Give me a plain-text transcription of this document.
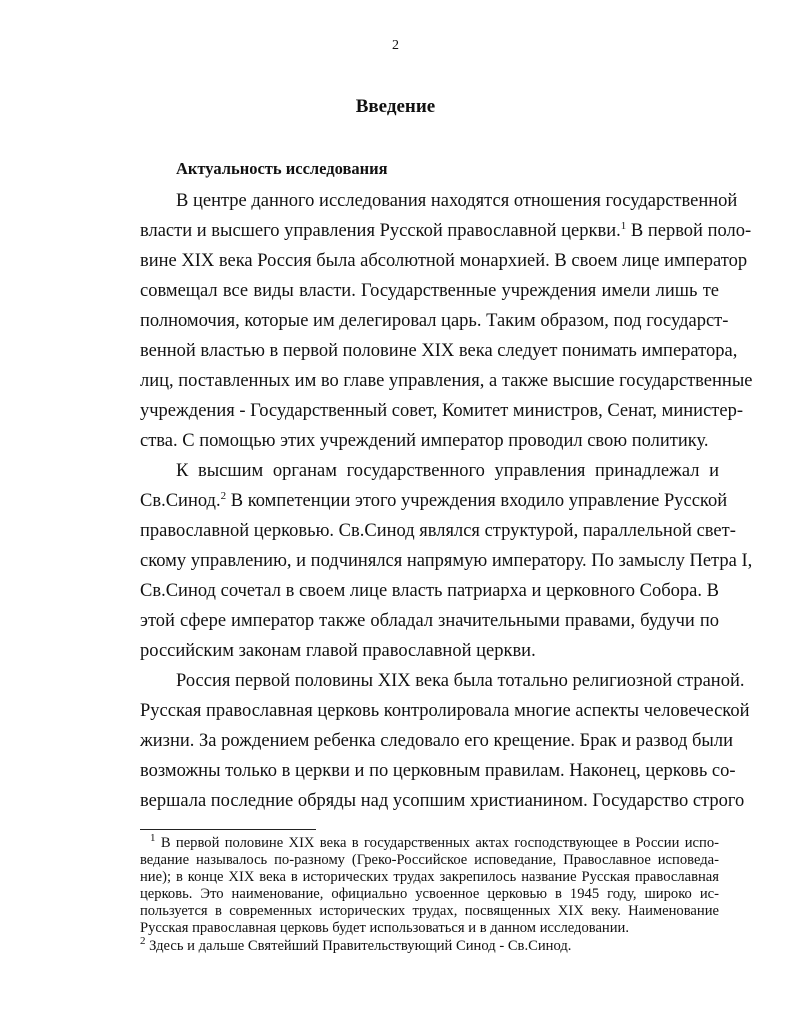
2
Введение
Актуальность исследования
В центре данного исследования находятся отношения государственной
власти и высшего управления Русской православной церкви.$^1$ В первой поло-
вине XIX века Россия была абсолютной монархией. В своем лице император
совмещал все виды власти. Государственные учреждения имели лишь те
полномочия, которые им делегировал царь. Таким образом, под государст-
венной властью в первой половине XIX века следует понимать императора,
лиц, поставленных им во главе управления, а также высшие государственные
учреждения - Государственный совет, Комитет министров, Сенат, министер-
ства. С помощью этих учреждений император проводил свою политику.
К высшим органам государственного управления принадлежал и
Св.Синод.$^2$ В компетенции этого учреждения входило управление Русской
православной церковью. Св.Синод являлся структурой, параллельной свет-
скому управлению, и подчинялся напрямую императору. По замыслу Петра I,
Св.Синод сочетал в своем лице власть патриарха и церковного Собора. В
этой сфере император также обладал значительными правами, будучи по
российским законам главой православной церкви.
Россия первой половины XIX века была тотально религиозной страной.
Русская православная церковь контролировала многие аспекты человеческой
жизни. За рождением ребенка следовало его крещение. Брак и развод были
возможны только в церкви и по церковным правилам. Наконец, церковь со-
вершала последние обряды над усопшим христианином. Государство строго
$^1$ В первой половине XIX века в государственных актах господствующее в России испо-
ведание называлось по-разному (Греко-Российское исповедание, Православное исповеда-
ние); в конце XIX века в исторических трудах закрепилось название Русская православная
церковь. Это наименование, официально усвоенное церковью в 1945 году, широко ис-
пользуется в современных исторических трудах, посвященных XIX веку. Наименование
Русская православная церковь будет использоваться и в данном исследовании.
$^2$ Здесь и дальше Святейший Правительствующий Синод - Св.Синод.
